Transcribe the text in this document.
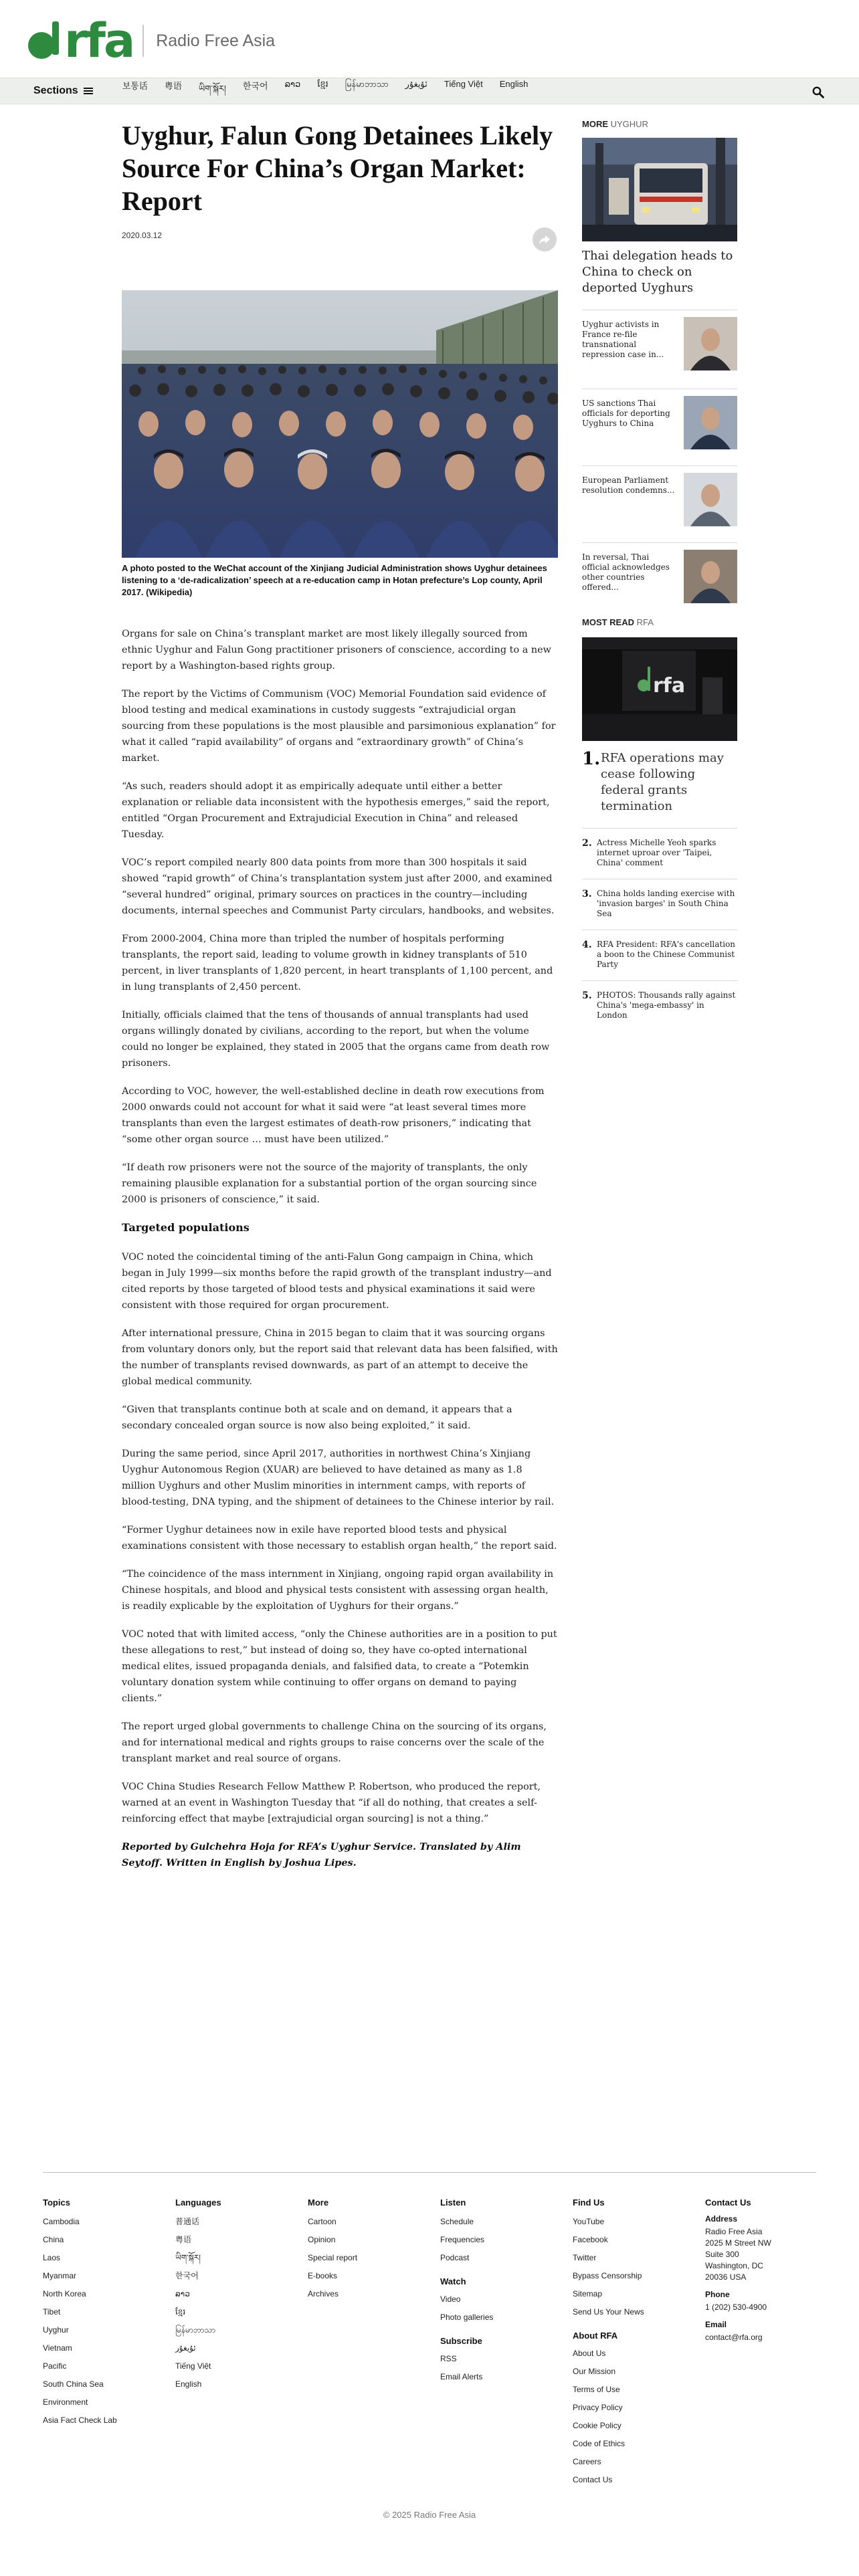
rfa Radio Free Asia
Sections	보통话 粤语 ཡིག་སྐོར། 한국어 ລາວ ខ្មែរ မြန်မာဘာသာ ئۇيغۇر Tiếng Việt English
Uyghur, Falun Gong Detainees Likely Source For China’s Organ Market: Report
2020.03.12
A photo posted to the WeChat account of the Xinjiang Judicial Administration shows Uyghur detainees listening to a ‘de-radicalization’ speech at a re-education camp in Hotan prefecture’s Lop county, April 2017. (Wikipedia)

Organs for sale on China’s transplant market are most likely illegally sourced from ethnic Uyghur and Falun Gong practitioner prisoners of conscience, according to a new report by a Washington-based rights group.

The report by the Victims of Communism (VOC) Memorial Foundation said evidence of blood testing and medical examinations in custody suggests “extrajudicial organ sourcing from these populations is the most plausible and parsimonious explanation” for what it called “rapid availability” of organs and “extraordinary growth” of China’s market.

“As such, readers should adopt it as empirically adequate until either a better explanation or reliable data inconsistent with the hypothesis emerges,” said the report, entitled “Organ Procurement and Extrajudicial Execution in China” and released Tuesday.

VOC’s report compiled nearly 800 data points from more than 300 hospitals it said showed “rapid growth” of China’s transplantation system just after 2000, and examined “several hundred” original, primary sources on practices in the country—including documents, internal speeches and Communist Party circulars, handbooks, and websites.

From 2000-2004, China more than tripled the number of hospitals performing transplants, the report said, leading to volume growth in kidney transplants of 510 percent, in liver transplants of 1,820 percent, in heart transplants of 1,100 percent, and in lung transplants of 2,450 percent.

Initially, officials claimed that the tens of thousands of annual transplants had used organs willingly donated by civilians, according to the report, but when the volume could no longer be explained, they stated in 2005 that the organs came from death row prisoners.

According to VOC, however, the well-established decline in death row executions from 2000 onwards could not account for what it said were “at least several times more transplants than even the largest estimates of death-row prisoners,” indicating that “some other organ source … must have been utilized.”

“If death row prisoners were not the source of the majority of transplants, the only remaining plausible explanation for a substantial portion of the organ sourcing since 2000 is prisoners of conscience,” it said.

Targeted populations

VOC noted the coincidental timing of the anti-Falun Gong campaign in China, which began in July 1999—six months before the rapid growth of the transplant industry—and cited reports by those targeted of blood tests and physical examinations it said were consistent with those required for organ procurement.

After international pressure, China in 2015 began to claim that it was sourcing organs from voluntary donors only, but the report said that relevant data has been falsified, with the number of transplants revised downwards, as part of an attempt to deceive the global medical community.

“Given that transplants continue both at scale and on demand, it appears that a secondary concealed organ source is now also being exploited,” it said.

During the same period, since April 2017, authorities in northwest China’s Xinjiang Uyghur Autonomous Region (XUAR) are believed to have detained as many as 1.8 million Uyghurs and other Muslim minorities in internment camps, with reports of blood-testing, DNA typing, and the shipment of detainees to the Chinese interior by rail.

“Former Uyghur detainees now in exile have reported blood tests and physical examinations consistent with those necessary to establish organ health,” the report said.

“The coincidence of the mass internment in Xinjiang, ongoing rapid organ availability in Chinese hospitals, and blood and physical tests consistent with assessing organ health, is readily explicable by the exploitation of Uyghurs for their organs.”

VOC noted that with limited access, “only the Chinese authorities are in a position to put these allegations to rest,” but instead of doing so, they have co-opted international medical elites, issued propaganda denials, and falsified data, to create a “Potemkin voluntary donation system while continuing to offer organs on demand to paying clients.”

The report urged global governments to challenge China on the sourcing of its organs, and for international medical and rights groups to raise concerns over the scale of the transplant market and real source of organs.

VOC China Studies Research Fellow Matthew P. Robertson, who produced the report, warned at an event in Washington Tuesday that “if all do nothing, that creates a self-reinforcing effect that maybe [extrajudicial organ sourcing] is not a thing.”

Reported by Gulchehra Hoja for RFA’s Uyghur Service. Translated by Alim Seytoff. Written in English by Joshua Lipes.

MORE UYGHUR
Thai delegation heads to China to check on deported Uyghurs
Uyghur activists in France re-file transnational repression case in...
US sanctions Thai officials for deporting Uyghurs to China
European Parliament resolution condemns...
In reversal, Thai official acknowledges other countries offered...
MOST READ RFA
rfa
1. RFA operations may cease following federal grants termination
2. Actress Michelle Yeoh sparks internet uproar over 'Taipei, China' comment
3. China holds landing exercise with 'invasion barges' in South China Sea
4. RFA President: RFA's cancellation a boon to the Chinese Communist Party
5. PHOTOS: Thousands rally against China's 'mega-embassy' in London
Topics
Cambodia
China
Laos
Myanmar
North Korea
Tibet
Uyghur
Vietnam
Pacific
South China Sea
Environment
Asia Fact Check Lab
Languages
普通话
粤语
ཡིག་སྐོར།
한국어
ລາວ
ខ្មែរ
မြန်မာဘာသာ
ئۇيغۇر
Tiếng Việt
English
More
Cartoon
Opinion
Special report
E-books
Archives
Listen
Schedule
Frequencies
Podcast
Watch
Video
Photo galleries
Subscribe
RSS
Email Alerts
Find Us
YouTube
Facebook
Twitter
Bypass Censorship
Sitemap
Send Us Your News
About RFA
About Us
Our Mission
Terms of Use
Privacy Policy
Cookie Policy
Code of Ethics
Careers
Contact Us
Contact Us
Address
Radio Free Asia
2025 M Street NW
Suite 300
Washington, DC
20036 USA
Phone
1 (202) 530-4900
Email
contact@rfa.org
© 2025 Radio Free Asia
